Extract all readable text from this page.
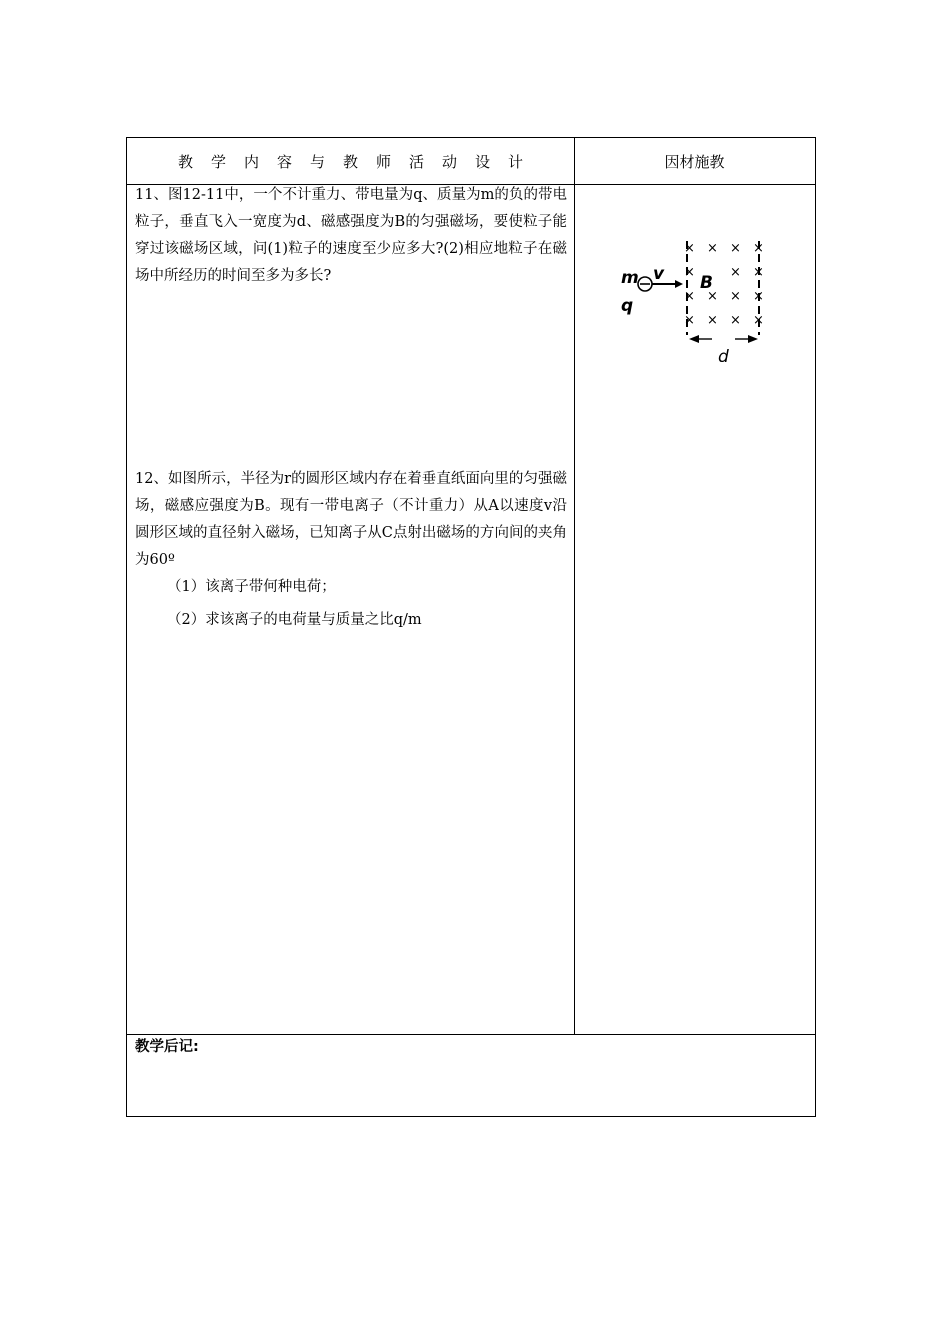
教学内容与教师活动设计	因材施教
11、图12-11中，一个不计重力、带电量为q、质量为m的负的带电粒子，垂直飞入一宽度为d、磁感强度为B的匀强磁场，要使粒子能穿过该磁场区域，问(1)粒子的速度至少应多大?(2)相应地粒子在磁场中所经历的时间至多为多长?
12、如图所示，半径为r的圆形区域内存在着垂直纸面向里的匀强磁场，磁感应强度为B。现有一带电离子（不计重力）从A以速度v沿圆形区域的直径射入磁场，已知离子从C点射出磁场的方向间的夹角为60º
（1）该离子带何种电荷；
（2）求该离子的电荷量与质量之比q/m
教学后记:
× × × ×
×	× ×
× × × ×
× × × ×
m v
q
B
d
